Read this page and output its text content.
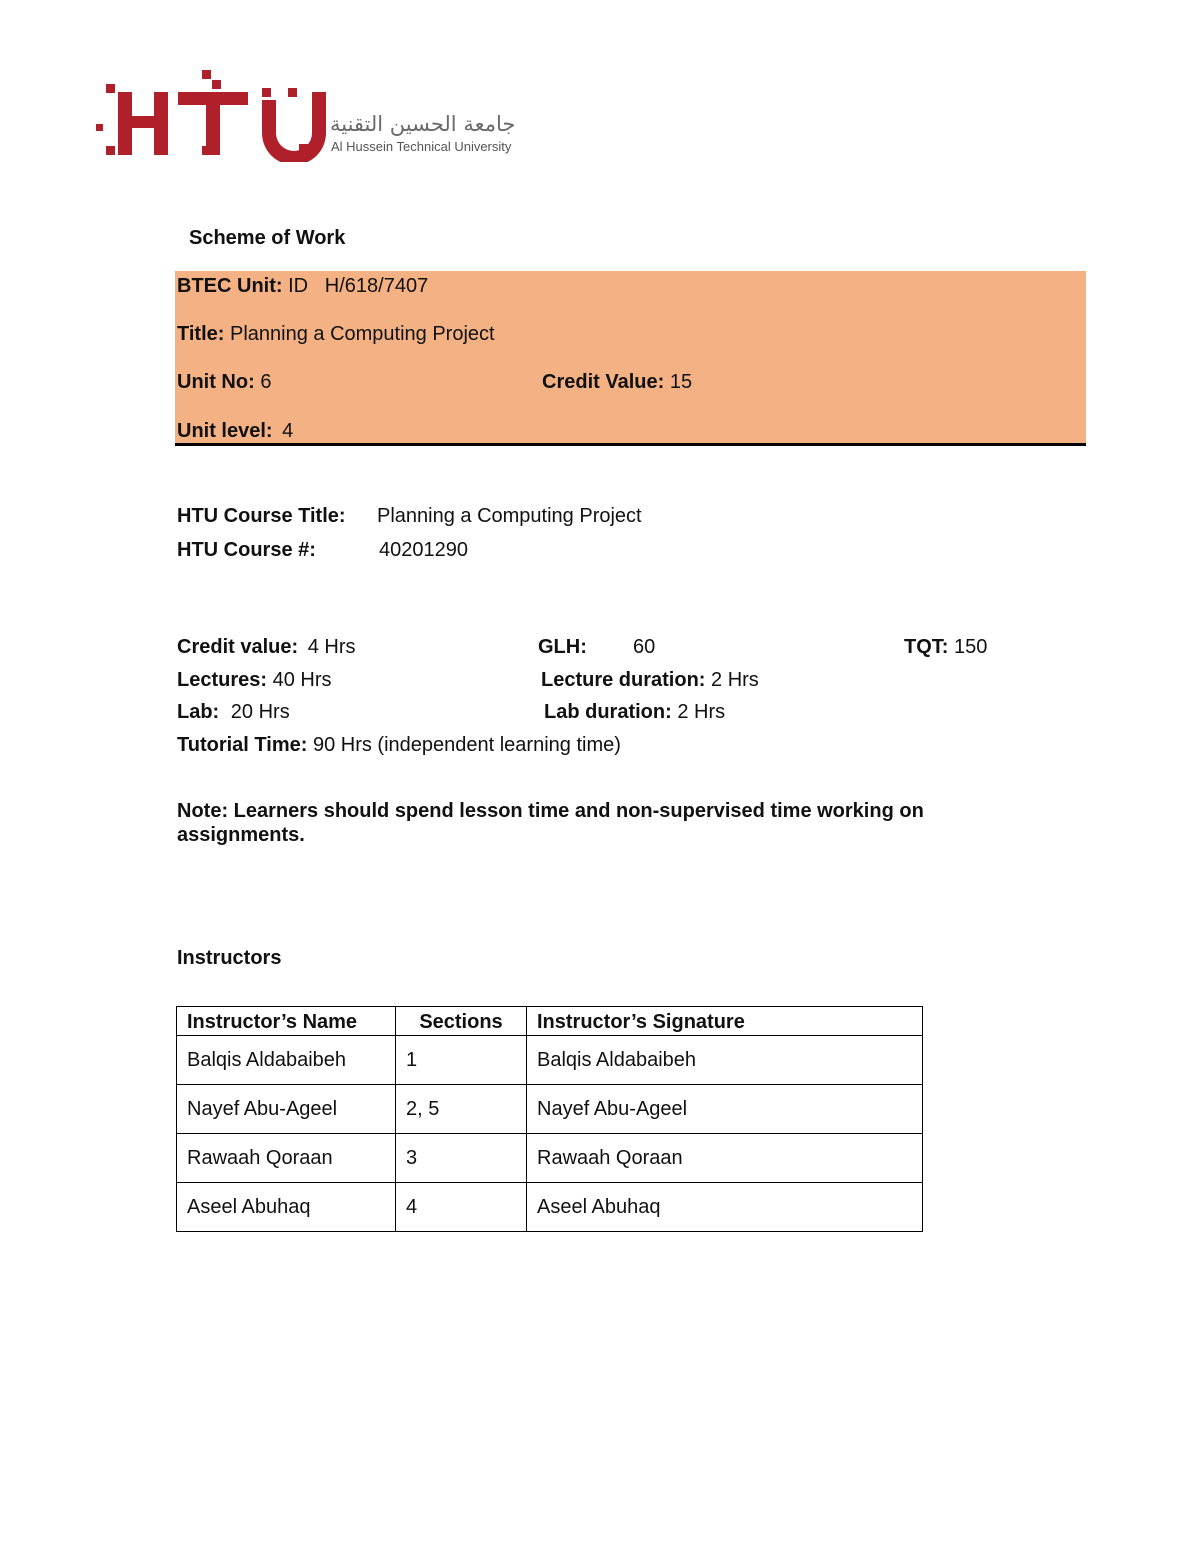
جامعة الحسين التقنية
Al Hussein Technical University
Scheme of Work
BTEC Unit: ID   H/618/7407
Title: Planning a Computing Project
Unit No: 6	Credit Value: 15
Unit level: 4
HTU Course Title: Planning a Computing Project
HTU Course #:	40201290
Credit value: 4 Hrs	GLH: 60	TQT: 150
Lectures: 40 Hrs	Lecture duration: 2 Hrs
Lab: 20 Hrs	Lab duration: 2 Hrs
Tutorial Time: 90 Hrs (independent learning time)
Note: Learners should spend lesson time and non-supervised time working on
assignments.
Instructors
Instructor’s Name	Sections	Instructor’s Signature
Balqis Aldabaibeh	1	Balqis Aldabaibeh
Nayef Abu-Ageel	2, 5	Nayef Abu-Ageel
Rawaah Qoraan	3	Rawaah Qoraan
Aseel Abuhaq	4	Aseel Abuhaq
